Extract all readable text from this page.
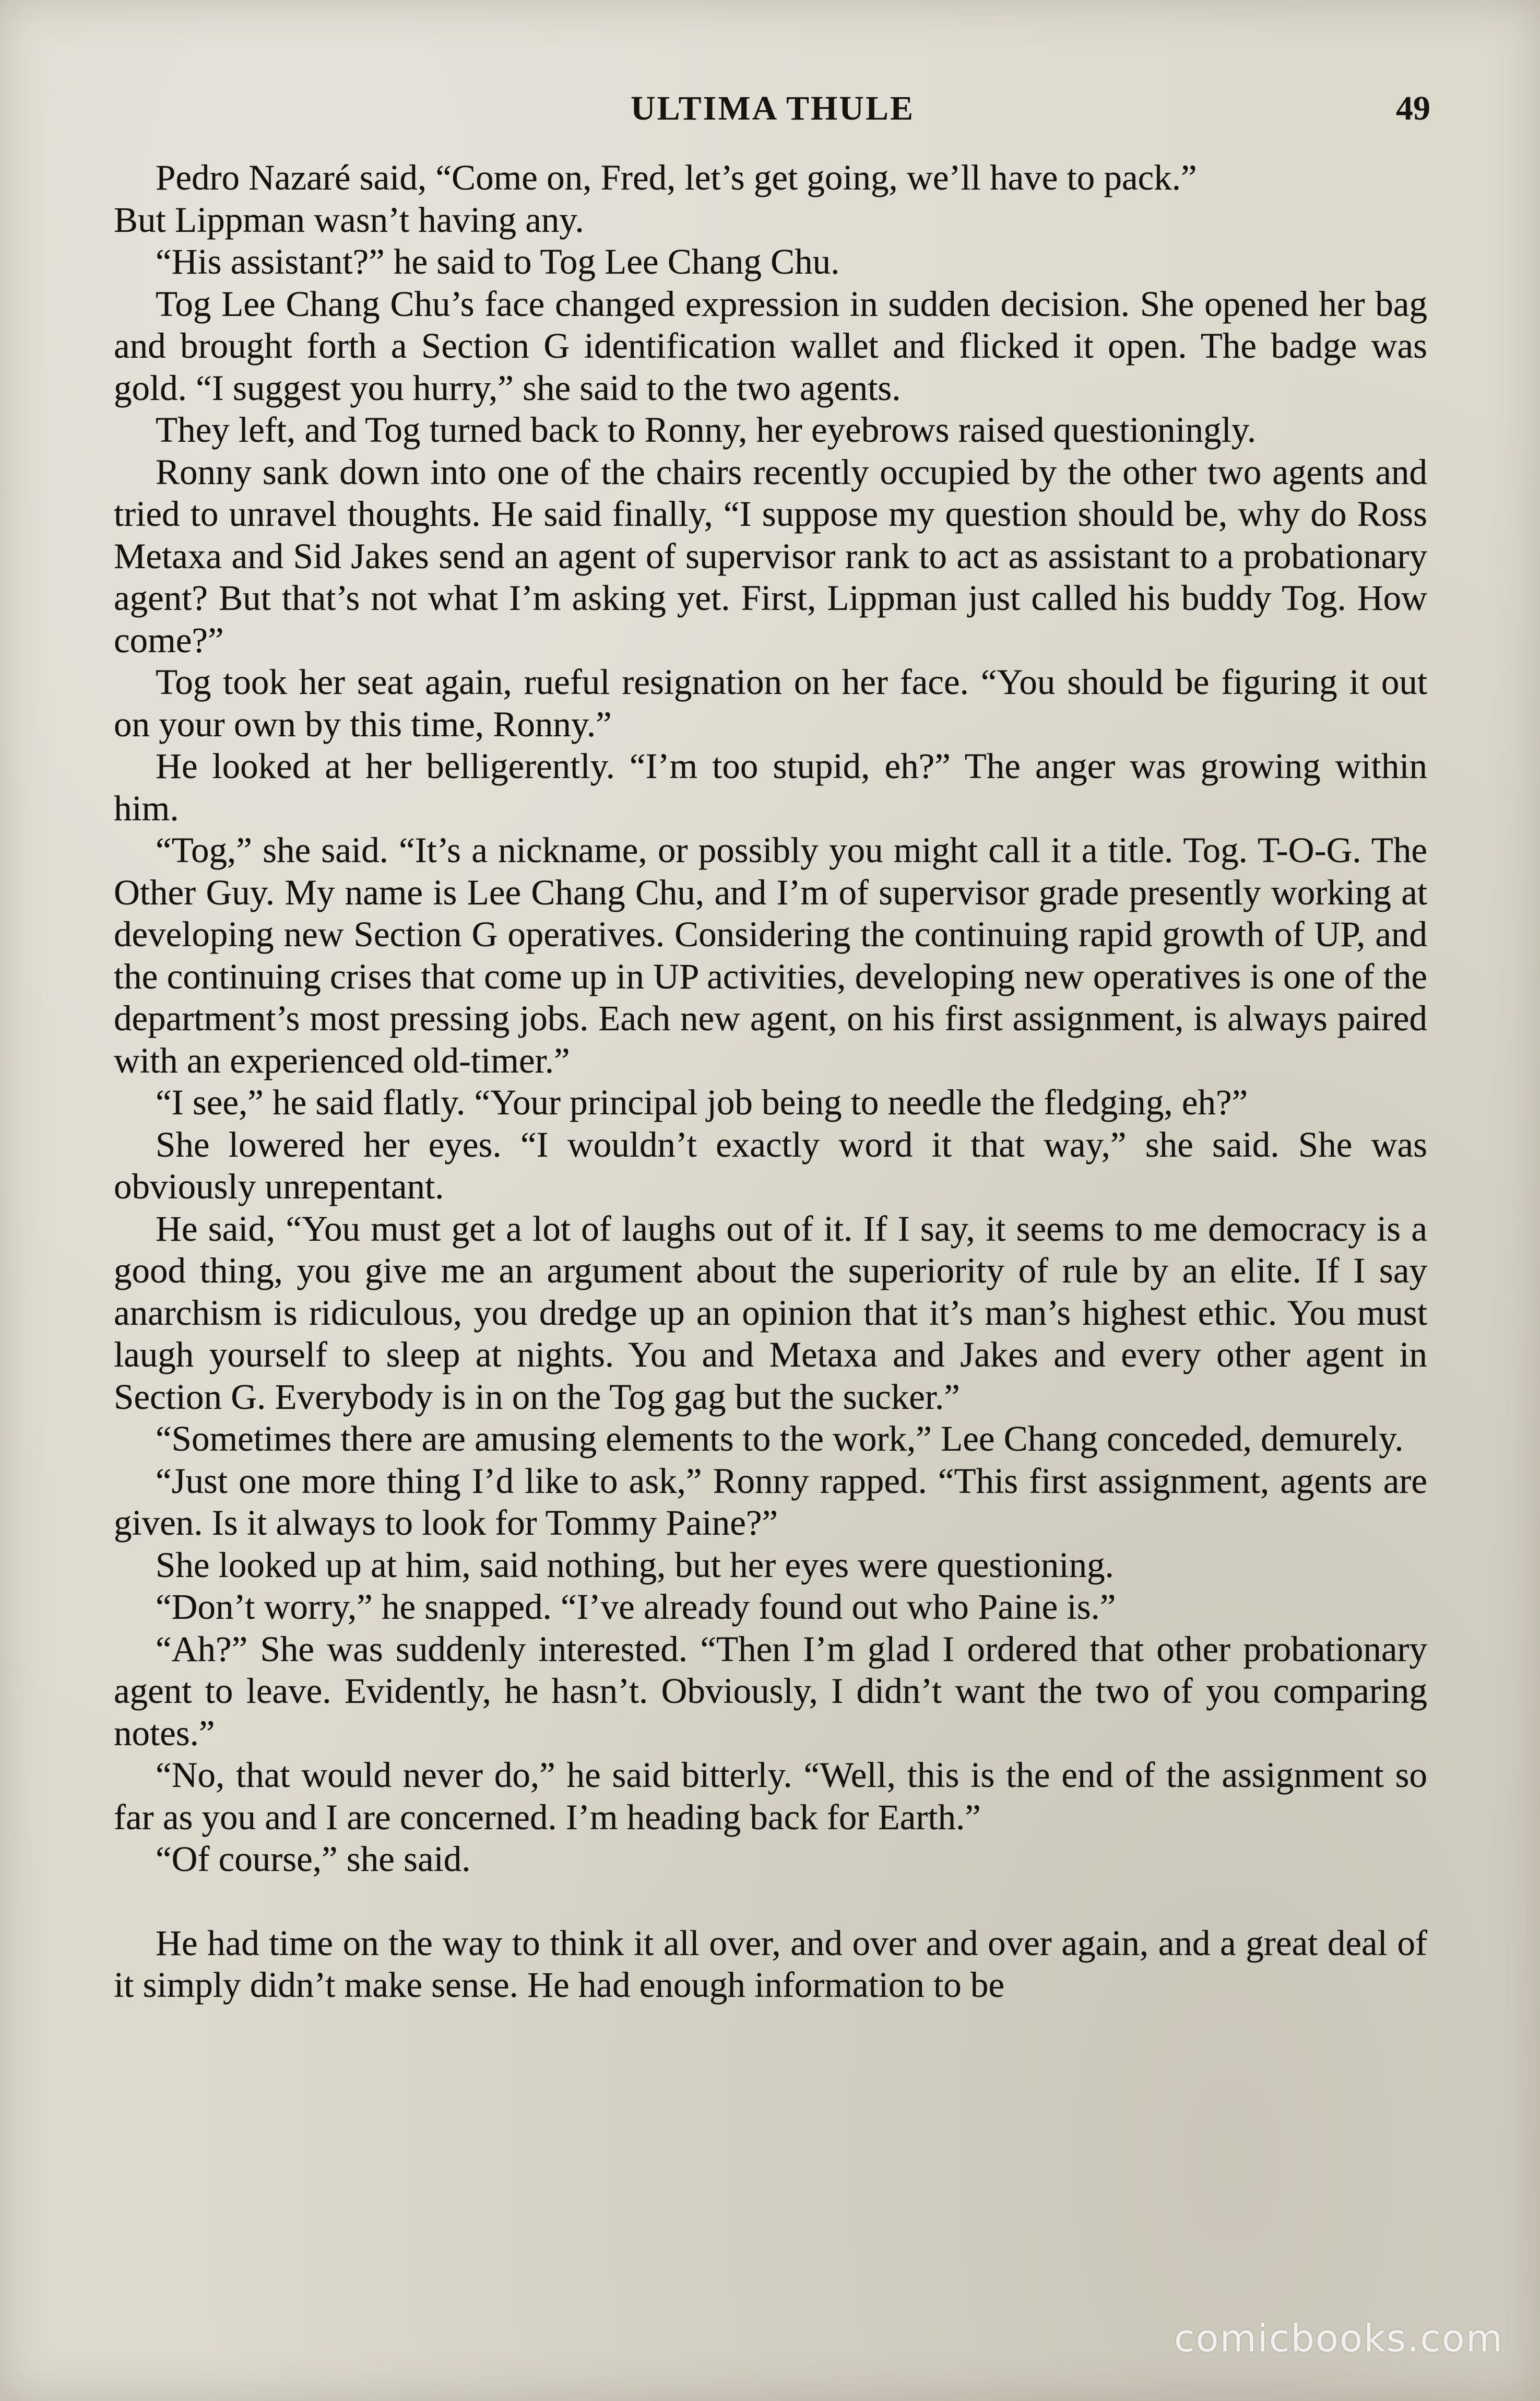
ULTIMA THULE	49

Pedro Nazaré said, “Come on, Fred, let’s get going, we’ll have to pack.”

But Lippman wasn’t having any.

“His assistant?” he said to Tog Lee Chang Chu.

Tog Lee Chang Chu’s face changed expression in sudden decision. She opened her bag and brought forth a Section G identification wallet and flicked it open. The badge was gold. “I suggest you hurry,” she said to the two agents.

They left, and Tog turned back to Ronny, her eyebrows raised questioningly.

Ronny sank down into one of the chairs recently occupied by the other two agents and tried to unravel thoughts. He said finally, “I suppose my question should be, why do Ross Metaxa and Sid Jakes send an agent of supervisor rank to act as assistant to a probationary agent? But that’s not what I’m asking yet. First, Lippman just called his buddy Tog. How come?”

Tog took her seat again, rueful resignation on her face. “You should be figuring it out on your own by this time, Ronny.”

He looked at her belligerently. “I’m too stupid, eh?” The anger was growing within him.

“Tog,” she said. “It’s a nickname, or possibly you might call it a title. Tog. T-O-G. The Other Guy. My name is Lee Chang Chu, and I’m of supervisor grade presently working at developing new Section G operatives. Considering the continuing rapid growth of UP, and the continuing crises that come up in UP activities, developing new operatives is one of the department’s most pressing jobs. Each new agent, on his first assignment, is always paired with an experienced old-timer.”

“I see,” he said flatly. “Your principal job being to needle the fledging, eh?”

She lowered her eyes. “I wouldn’t exactly word it that way,” she said. She was obviously unrepentant.

He said, “You must get a lot of laughs out of it. If I say, it seems to me democracy is a good thing, you give me an argument about the superiority of rule by an elite. If I say anarchism is ridiculous, you dredge up an opinion that it’s man’s highest ethic. You must laugh yourself to sleep at nights. You and Metaxa and Jakes and every other agent in Section G. Everybody is in on the Tog gag but the sucker.”

“Sometimes there are amusing elements to the work,” Lee Chang conceded, demurely.

“Just one more thing I’d like to ask,” Ronny rapped. “This first assignment, agents are given. Is it always to look for Tommy Paine?”

She looked up at him, said nothing, but her eyes were questioning.

“Don’t worry,” he snapped. “I’ve already found out who Paine is.”

“Ah?” She was suddenly interested. “Then I’m glad I ordered that other probationary agent to leave. Evidently, he hasn’t. Obviously, I didn’t want the two of you comparing notes.”

“No, that would never do,” he said bitterly. “Well, this is the end of the assignment so far as you and I are concerned. I’m heading back for Earth.”

“Of course,” she said.

He had time on the way to think it all over, and over and over again, and a great deal of it simply didn’t make sense. He had enough information to be

comicbooks.com
